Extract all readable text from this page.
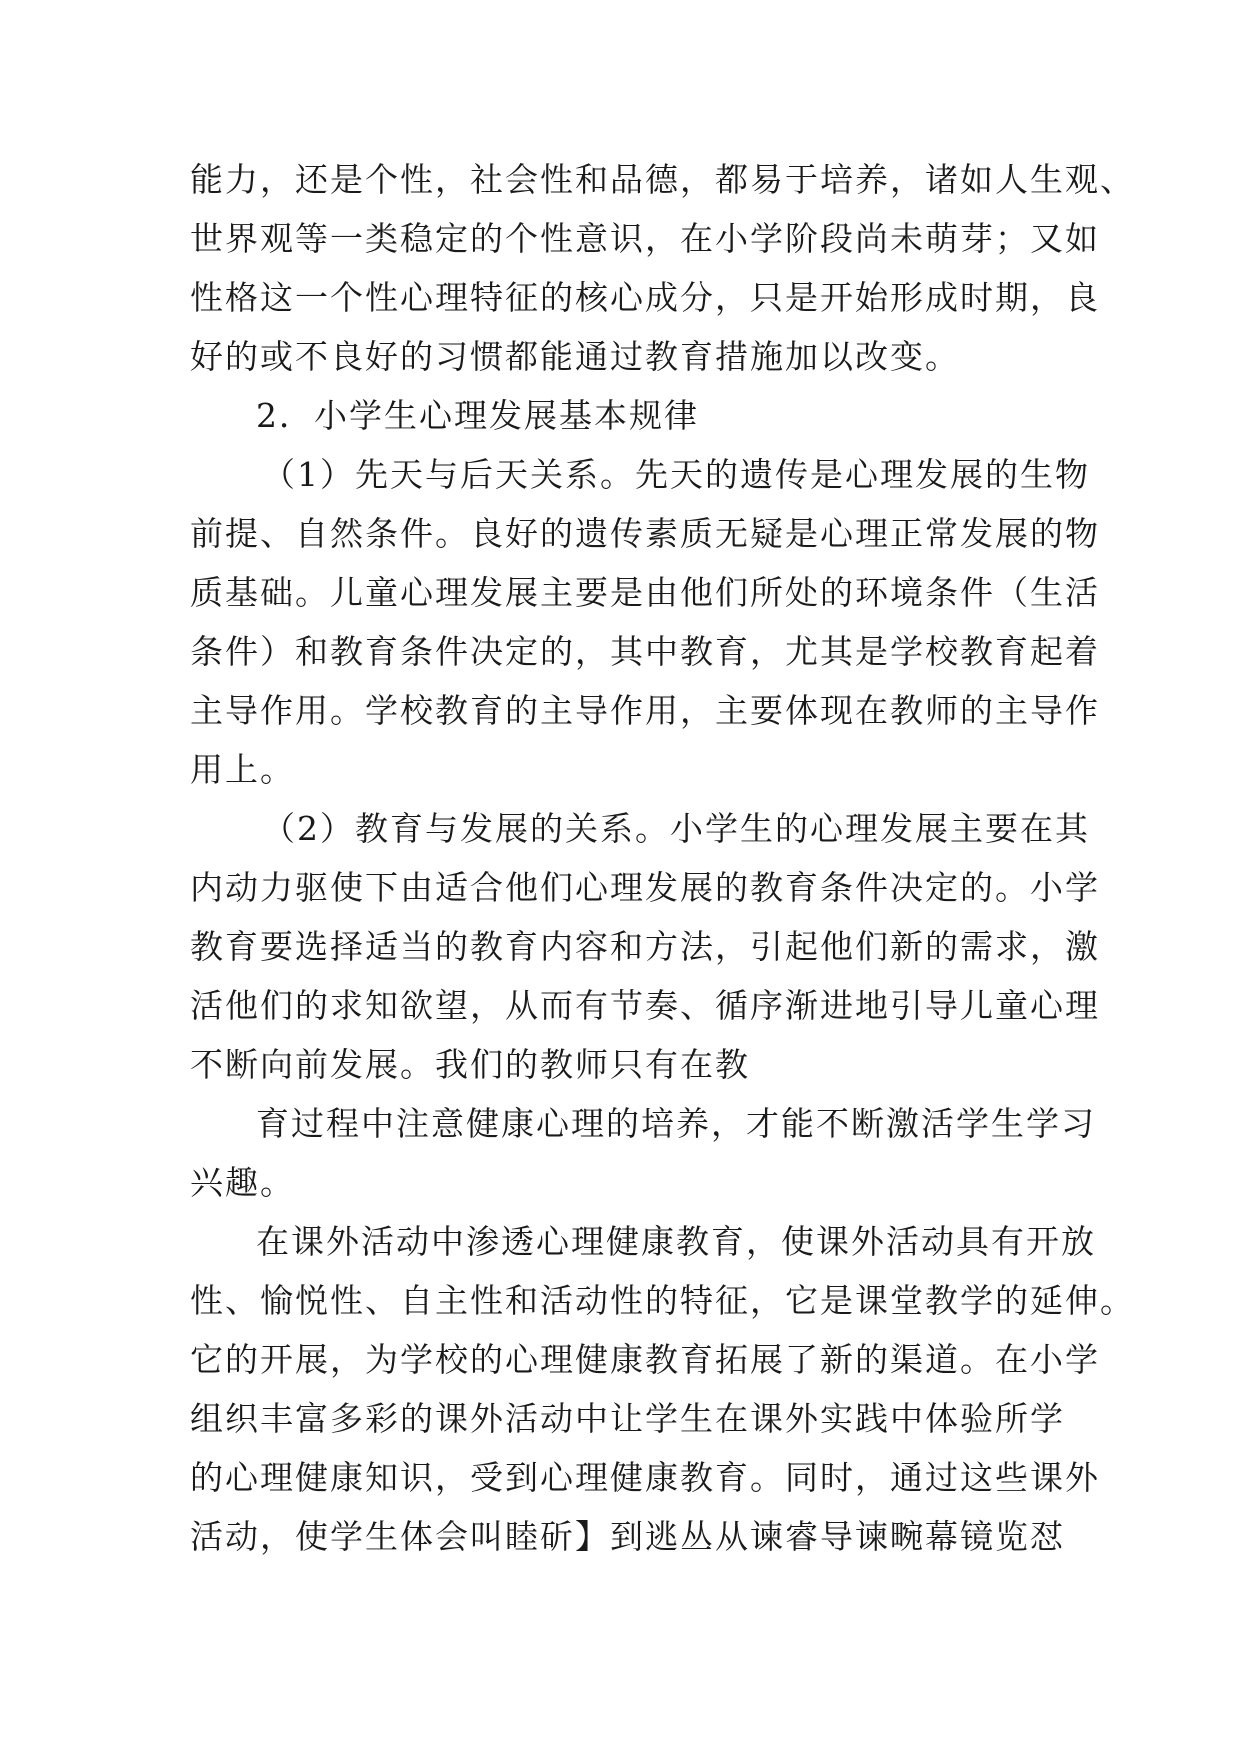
能力，还是个性，社会性和品德，都易于培养，诸如人生观、
世界观等一类稳定的个性意识，在小学阶段尚未萌芽；又如
性格这一个性心理特征的核心成分，只是开始形成时期，良
好的或不良好的习惯都能通过教育措施加以改变。
2．小学生心理发展基本规律
（1）先天与后天关系。先天的遗传是心理发展的生物
前提、自然条件。良好的遗传素质无疑是心理正常发展的物
质基础。儿童心理发展主要是由他们所处的环境条件（生活
条件）和教育条件决定的，其中教育，尤其是学校教育起着
主导作用。学校教育的主导作用，主要体现在教师的主导作
用上。
（2）教育与发展的关系。小学生的心理发展主要在其
内动力驱使下由适合他们心理发展的教育条件决定的。小学
教育要选择适当的教育内容和方法，引起他们新的需求，激
活他们的求知欲望，从而有节奏、循序渐进地引导儿童心理
不断向前发展。我们的教师只有在教
育过程中注意健康心理的培养，才能不断激活学生学习
兴趣。
在课外活动中渗透心理健康教育，使课外活动具有开放
性、愉悦性、自主性和活动性的特征，它是课堂教学的延伸。
它的开展，为学校的心理健康教育拓展了新的渠道。在小学
组织丰富多彩的课外活动中让学生在课外实践中体验所学
的心理健康知识，受到心理健康教育。同时，通过这些课外
活动，使学生体会叫睦斫】到逃丛从谏睿导谏畹幕镜览怼
